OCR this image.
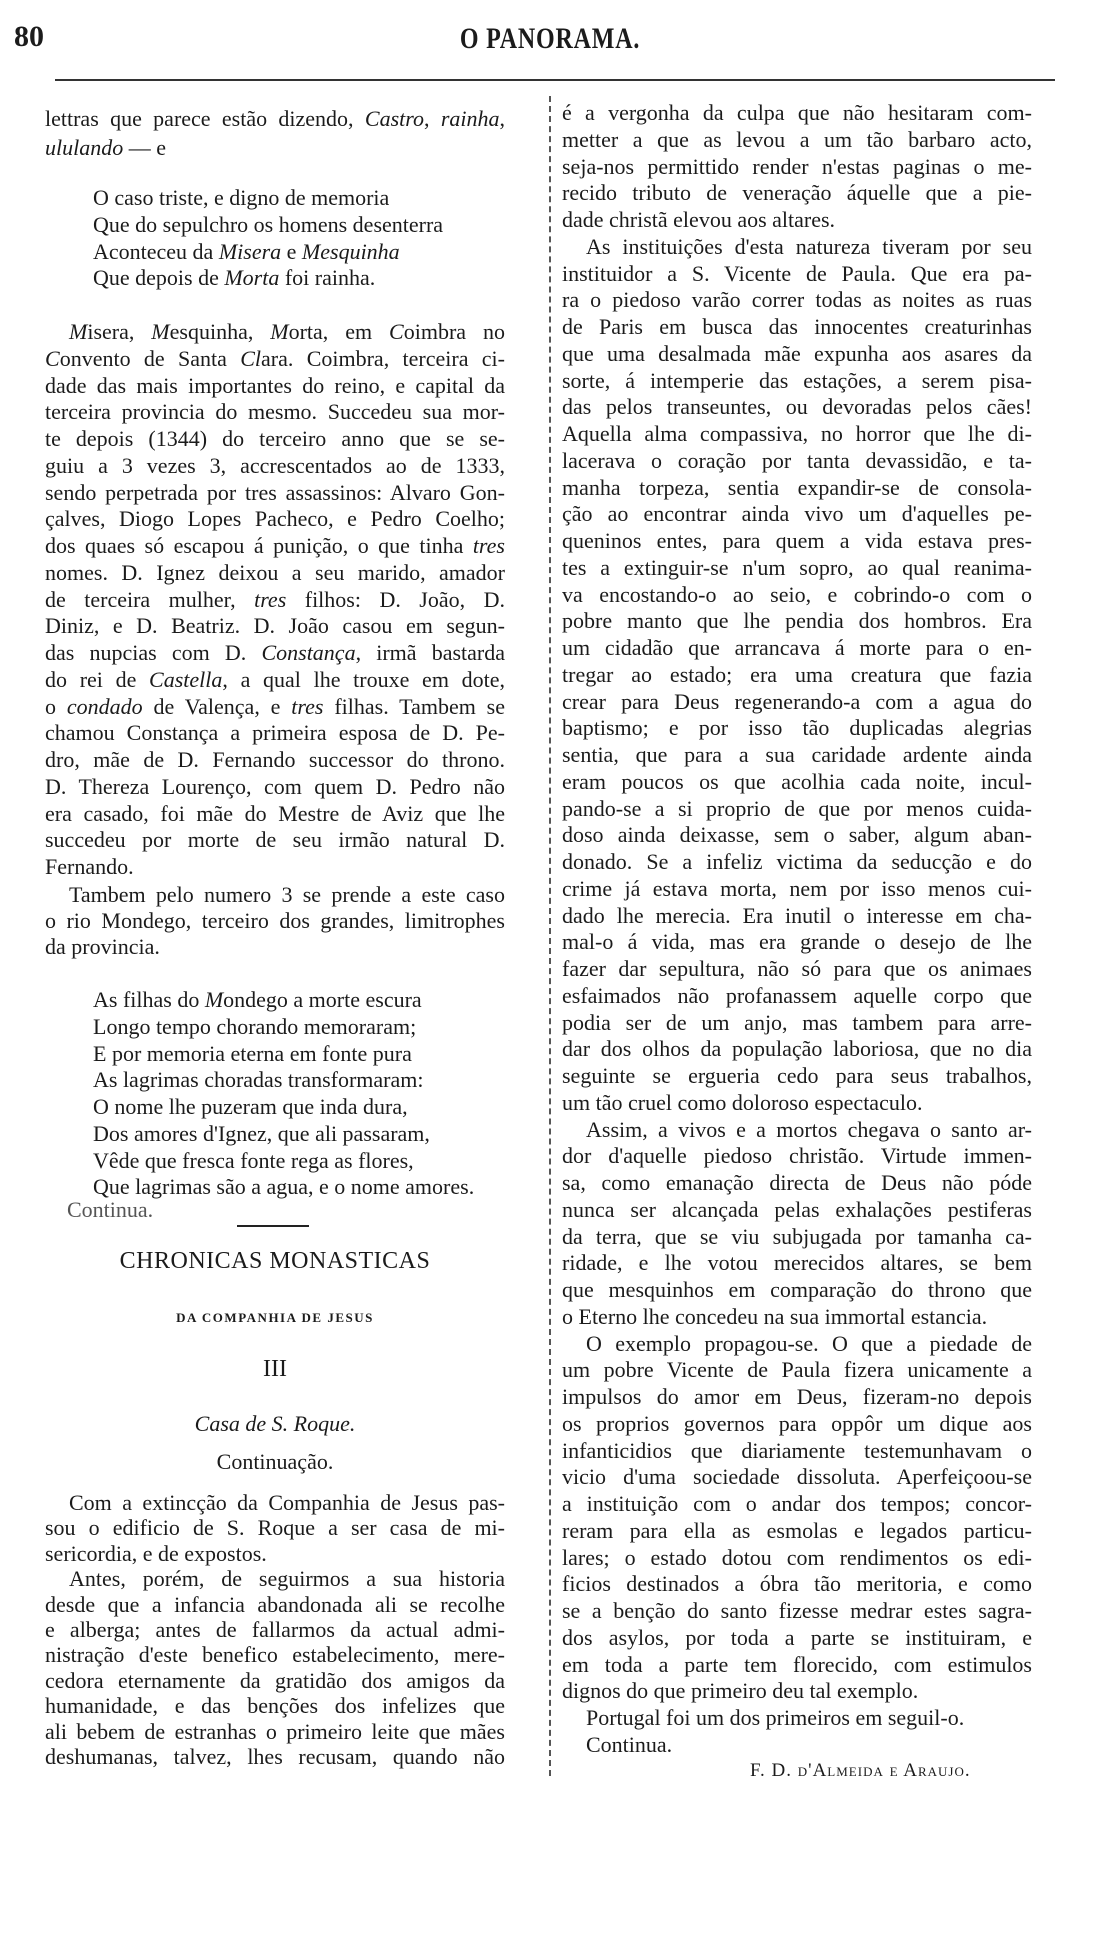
80	O PANORAMA.
lettras que parece estão dizendo, Castro, rainha,
ululando — e
O caso triste, e digno de memoria
Que do sepulchro os homens desenterra
Aconteceu da Misera e Mesquinha
Que depois de Morta foi rainha.
Misera, Mesquinha, Morta, em Coimbra no
Convento de Santa Clara. Coimbra, terceira ci-
dade das mais importantes do reino, e capital da
terceira provincia do mesmo. Succedeu sua mor-
te depois (1344) do terceiro anno que se se-
guiu a 3 vezes 3, accrescentados ao de 1333,
sendo perpetrada por tres assassinos: Alvaro Gon-
çalves, Diogo Lopes Pacheco, e Pedro Coelho;
dos quaes só escapou á punição, o que tinha tres
nomes. D. Ignez deixou a seu marido, amador
de terceira mulher, tres filhos: D. João, D.
Diniz, e D. Beatriz. D. João casou em segun-
das nupcias com D. Constança, irmã bastarda
do rei de Castella, a qual lhe trouxe em dote,
o condado de Valença, e tres filhas. Tambem se
chamou Constança a primeira esposa de D. Pe-
dro, mãe de D. Fernando successor do throno.
D. Thereza Lourenço, com quem D. Pedro não
era casado, foi mãe do Mestre de Aviz que lhe
succedeu por morte de seu irmão natural D.
Fernando.
Tambem pelo numero 3 se prende a este caso
o rio Mondego, terceiro dos grandes, limitrophes
da provincia.
As filhas do Mondego a morte escura
Longo tempo chorando memoraram;
E por memoria eterna em fonte pura
As lagrimas choradas transformaram:
O nome lhe puzeram que inda dura,
Dos amores d'Ignez, que ali passaram,
Vêde que fresca fonte rega as flores,
Que lagrimas são a agua, e o nome amores.
Continua.
CHRONICAS MONASTICAS
DA COMPANHIA DE JESUS
III
Casa de S. Roque.
Continuação.
Com a extincção da Companhia de Jesus pas-
sou o edificio de S. Roque a ser casa de mi-
sericordia, e de expostos.
Antes, porém, de seguirmos a sua historia
desde que a infancia abandonada ali se recolhe
e alberga; antes de fallarmos da actual admi-
nistração d'este benefico estabelecimento, mere-
cedora eternamente da gratidão dos amigos da
humanidade, e das benções dos infelizes que
ali bebem de estranhas o primeiro leite que mães
deshumanas, talvez, lhes recusam, quando não
é a vergonha da culpa que não hesitaram com-
metter a que as levou a um tão barbaro acto,
seja-nos permittido render n'estas paginas o me-
recido tributo de veneração áquelle que a pie-
dade christã elevou aos altares.
As instituições d'esta natureza tiveram por seu
instituidor a S. Vicente de Paula. Que era pa-
ra o piedoso varão correr todas as noites as ruas
de Paris em busca das innocentes creaturinhas
que uma desalmada mãe expunha aos asares da
sorte, á intemperie das estações, a serem pisa-
das pelos transeuntes, ou devoradas pelos cães!
Aquella alma compassiva, no horror que lhe di-
lacerava o coração por tanta devassidão, e ta-
manha torpeza, sentia expandir-se de consola-
ção ao encontrar ainda vivo um d'aquelles pe-
queninos entes, para quem a vida estava pres-
tes a extinguir-se n'um sopro, ao qual reanima-
va encostando-o ao seio, e cobrindo-o com o
pobre manto que lhe pendia dos hombros. Era
um cidadão que arrancava á morte para o en-
tregar ao estado; era uma creatura que fazia
crear para Deus regenerando-a com a agua do
baptismo; e por isso tão duplicadas alegrias
sentia, que para a sua caridade ardente ainda
eram poucos os que acolhia cada noite, incul-
pando-se a si proprio de que por menos cuida-
doso ainda deixasse, sem o saber, algum aban-
donado. Se a infeliz victima da seducção e do
crime já estava morta, nem por isso menos cui-
dado lhe merecia. Era inutil o interesse em cha-
mal-o á vida, mas era grande o desejo de lhe
fazer dar sepultura, não só para que os animaes
esfaimados não profanassem aquelle corpo que
podia ser de um anjo, mas tambem para arre-
dar dos olhos da população laboriosa, que no dia
seguinte se ergueria cedo para seus trabalhos,
um tão cruel como doloroso espectaculo.
Assim, a vivos e a mortos chegava o santo ar-
dor d'aquelle piedoso christão. Virtude immen-
sa, como emanação directa de Deus não póde
nunca ser alcançada pelas exhalações pestiferas
da terra, que se viu subjugada por tamanha ca-
ridade, e lhe votou merecidos altares, se bem
que mesquinhos em comparação do throno que
o Eterno lhe concedeu na sua immortal estancia.
O exemplo propagou-se. O que a piedade de
um pobre Vicente de Paula fizera unicamente a
impulsos do amor em Deus, fizeram-no depois
os proprios governos para oppôr um dique aos
infanticidios que diariamente testemunhavam o
vicio d'uma sociedade dissoluta. Aperfeiçoou-se
a instituição com o andar dos tempos; concor-
reram para ella as esmolas e legados particu-
lares; o estado dotou com rendimentos os edi-
ficios destinados a óbra tão meritoria, e como
se a benção do santo fizesse medrar estes sagra-
dos asylos, por toda a parte se instituiram, e
em toda a parte tem florecido, com estimulos
dignos do que primeiro deu tal exemplo.
Portugal foi um dos primeiros em seguil-o.
Continua.
F. D. d'Almeida e Araujo.
